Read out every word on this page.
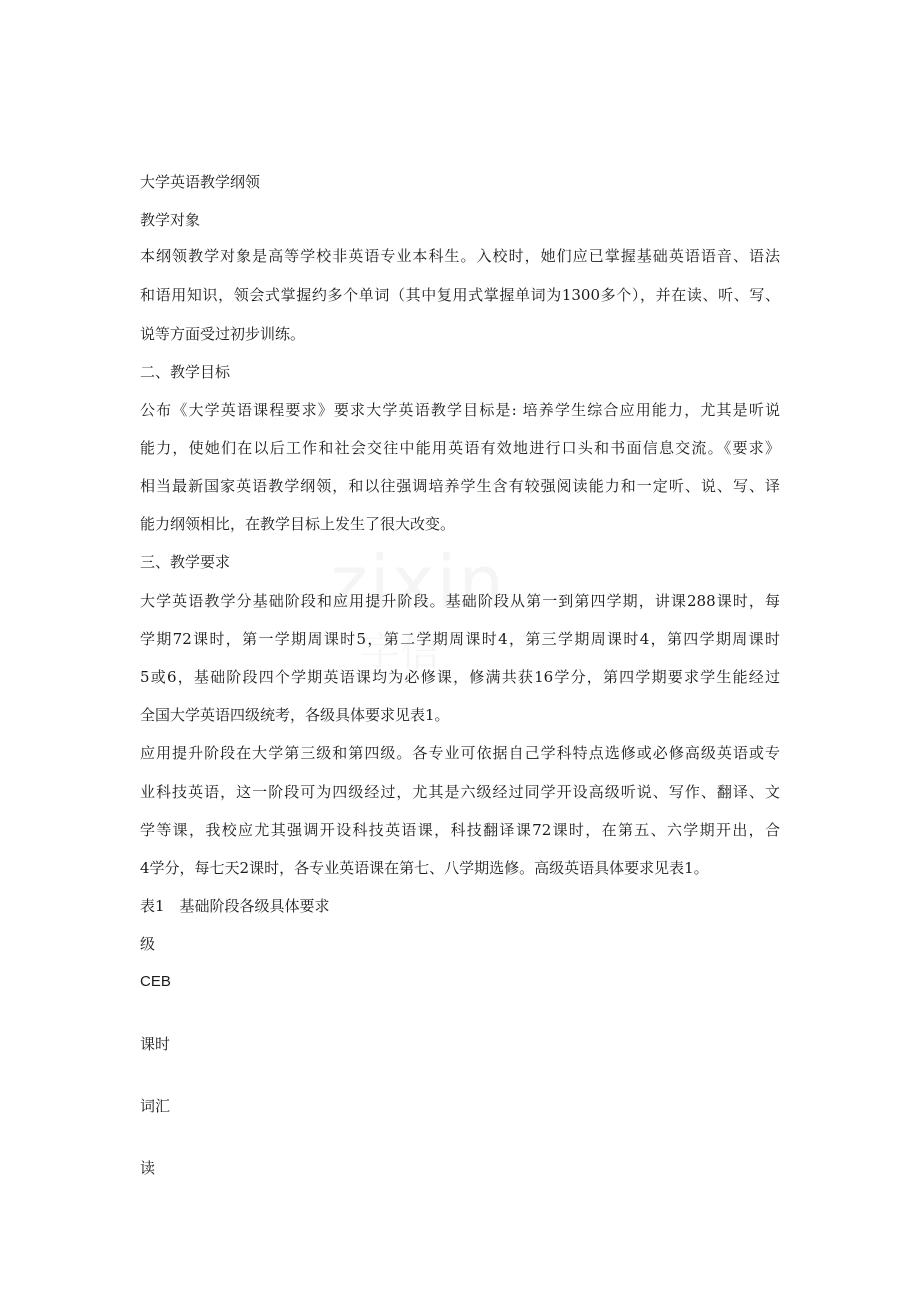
大学英语教学纲领
教学对象
本纲领教学对象是高等学校非英语专业本科生。入校时，她们应已掌握基础英语语音、语法
和语用知识，领会式掌握约多个单词（其中复用式掌握单词为1300多个），并在读、听、写、
说等方面受过初步训练。
二、教学目标
公布《大学英语课程要求》要求大学英语教学目标是: 培养学生综合应用能力，尤其是听说
能力，使她们在以后工作和社会交往中能用英语有效地进行口头和书面信息交流。《要求》
相当最新国家英语教学纲领，和以往强调培养学生含有较强阅读能力和一定听、说、写、译
能力纲领相比，在教学目标上发生了很大改变。
三、教学要求
大学英语教学分基础阶段和应用提升阶段。基础阶段从第一到第四学期，讲课288课时，每
学期72课时，第一学期周课时5，第二学期周课时4，第三学期周课时4，第四学期周课时
5或6，基础阶段四个学期英语课均为必修课，修满共获16学分，第四学期要求学生能经过
全国大学英语四级统考，各级具体要求见表1。
应用提升阶段在大学第三级和第四级。各专业可依据自己学科特点选修或必修高级英语或专
业科技英语，这一阶段可为四级经过，尤其是六级经过同学开设高级听说、写作、翻译、文
学等课，我校应尤其强调开设科技英语课，科技翻译课72课时，在第五、六学期开出，合
4学分，每七天2课时，各专业英语课在第七、八学期选修。高级英语具体要求见表1。
表1　基础阶段各级具体要求
级
CEB
课时
词汇
读
